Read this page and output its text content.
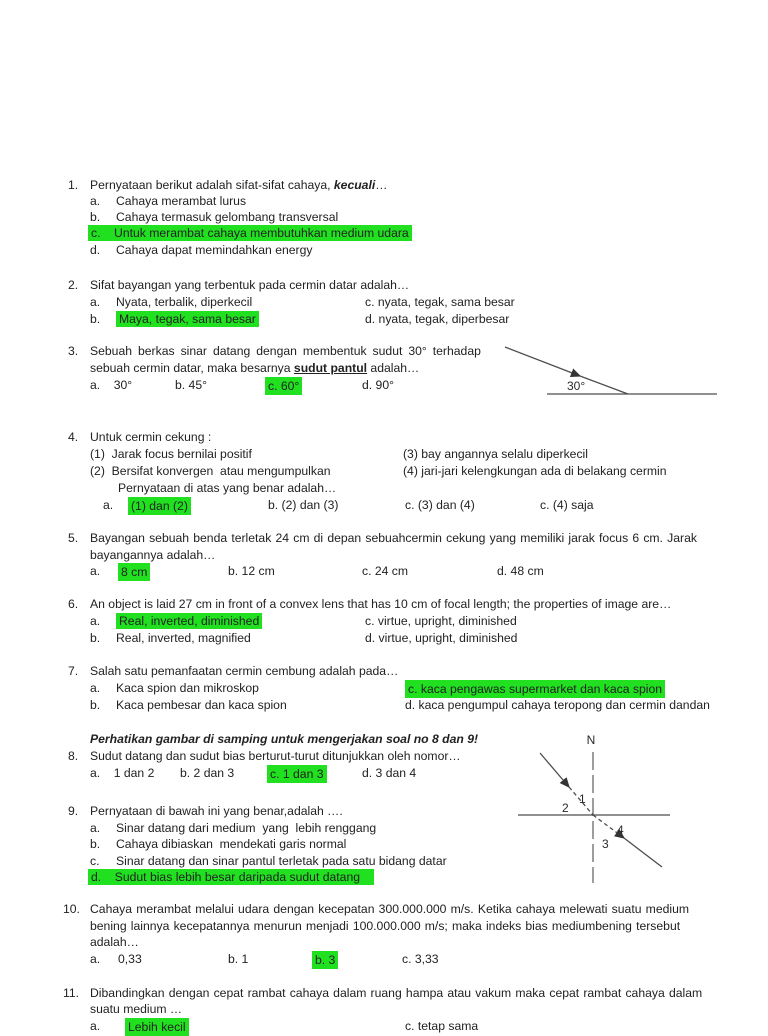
1. Pernyataan berikut adalah sifat-sifat cahaya, kecuali…
a. Cahaya merambat lurus
b. Cahaya termasuk gelombang transversal
c.    Untuk merambat cahaya membutuhkan medium udara
d. Cahaya dapat memindahkan energy
2. Sifat bayangan yang terbentuk pada cermin datar adalah…
a. Nyata, terbalik, diperkecil	c. nyata, tegak, sama besar
b. Maya, tegak, sama besar	d. nyata, tegak, diperbesar
3. Sebuah berkas sinar datang dengan membentuk sudut 30° terhadap
sebuah cermin datar, maka besarnya sudut pantul adalah…
a.    30°	b. 45°	c. 60°	d. 90°	30°
4. Untuk cermin cekung :
(1)  Jarak focus bernilai positif	(3) bay angannya selalu diperkecil
(2)  Bersifat konvergen  atau mengumpulkan	(4) jari-jari kelengkungan ada di belakang cermin
Pernyataan di atas yang benar adalah…
a. (1) dan (2)	b. (2) dan (3)	c. (3) dan (4)	c. (4) saja
5. Bayangan sebuah benda terletak 24 cm di depan sebuahcermin cekung yang memiliki jarak focus 6 cm. Jarak
bayangannya adalah…
a. 8 cm	b. 12 cm	c. 24 cm	d. 48 cm
6. An object is laid 27 cm in front of a convex lens that has 10 cm of focal length; the properties of image are…
a. Real, inverted, diminished	c. virtue, upright, diminished
b. Real, inverted, magnified	d. virtue, upright, diminished
7. Salah satu pemanfaatan cermin cembung adalah pada…
a. Kaca spion dan mikroskop	c. kaca pengawas supermarket dan kaca spion
b. Kaca pembesar dan kaca spion	d. kaca pengumpul cahaya teropong dan cermin dandan
Perhatikan gambar di samping untuk mengerjakan soal no 8 dan 9!
8. Sudut datang dan sudut bias berturut-turut ditunjukkan oleh nomor…
a.    1 dan 2 b. 2 dan 3	c. 1 dan 3	d. 3 dan 4
9. Pernyataan di bawah ini yang benar,adalah ….
a. Sinar datang dari medium  yang  lebih renggang
b. Cahaya dibiaskan  mendekati garis normal
c. Sinar datang dan sinar pantul terletak pada satu bidang datar
d.    Sudut bias lebih besar daripada sudut datang
N
1
2
3
4
10. Cahaya merambat melalui udara dengan kecepatan 300.000.000 m/s. Ketika cahaya melewati suatu medium
bening lainnya kecepatannya menurun menjadi 100.000.000 m/s; maka indeks bias mediumbening tersebut
adalah…
a. 0,33	b. 1	b. 3	c. 3,33
11. Dibandingkan dengan cepat rambat cahaya dalam ruang hampa atau vakum maka cepat rambat cahaya dalam
suatu medium …
a. Lebih kecil	c. tetap sama
